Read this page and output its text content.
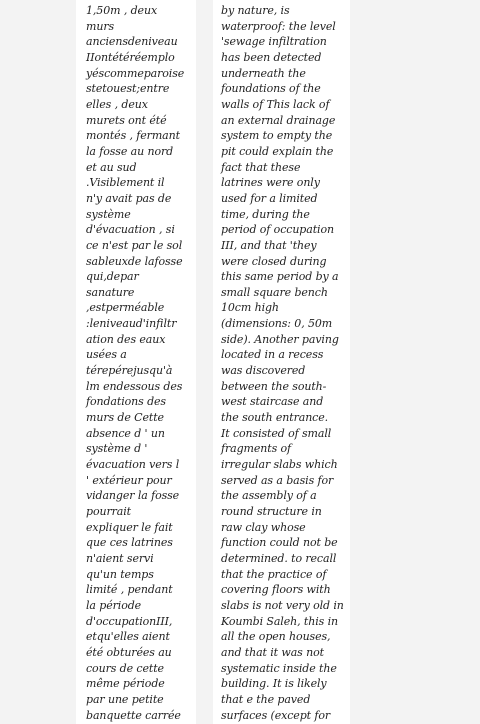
1,50m , deux
murs
anciensdeniveau
IIontétéréemplo
yéscommeparoise
stetouest;entre
elles , deux
murets ont été
montés , fermant
la fosse au nord
et au sud
.Visiblement il
n'y avait pas de
système
d'évacuation , si
ce n'est par le sol
sableuxde lafosse
qui,depar
sanature
,estperméable
:leniveaud'infiltr
ation des eaux
usées a
térepérejusqu'à
lm endessous des
fondations des
murs de Cette
absence d ' un
système d '
évacuation vers l
' extérieur pour
vidanger la fosse
pourrait
expliquer le fait
que ces latrines
n'aient servi
qu'un temps
limité , pendant
la période
d'occupationIII,
etqu'elles aient
été obturées au
cours de cette
même période
par une petite
banquette carrée
by nature, is
waterproof: the level
'sewage infiltration
has been detected
underneath the
foundations of the
walls of This lack of
an external drainage
system to empty the
pit could explain the
fact that these
latrines were only
used for a limited
time, during the
period of occupation
III, and that 'they
were closed during
this same period by a
small square bench
10cm high
(dimensions: 0, 50m
side). Another paving
located in a recess
was discovered
between the south-
west staircase and
the south entrance.
It consisted of small
fragments of
irregular slabs which
served as a basis for
the assembly of a
round structure in
raw clay whose
function could not be
determined. to recall
that the practice of
covering floors with
slabs is not very old in
Koumbi Saleh, this in
all the open houses,
and that it was not
systematic inside the
building. It is likely
that e the paved
surfaces (except for
